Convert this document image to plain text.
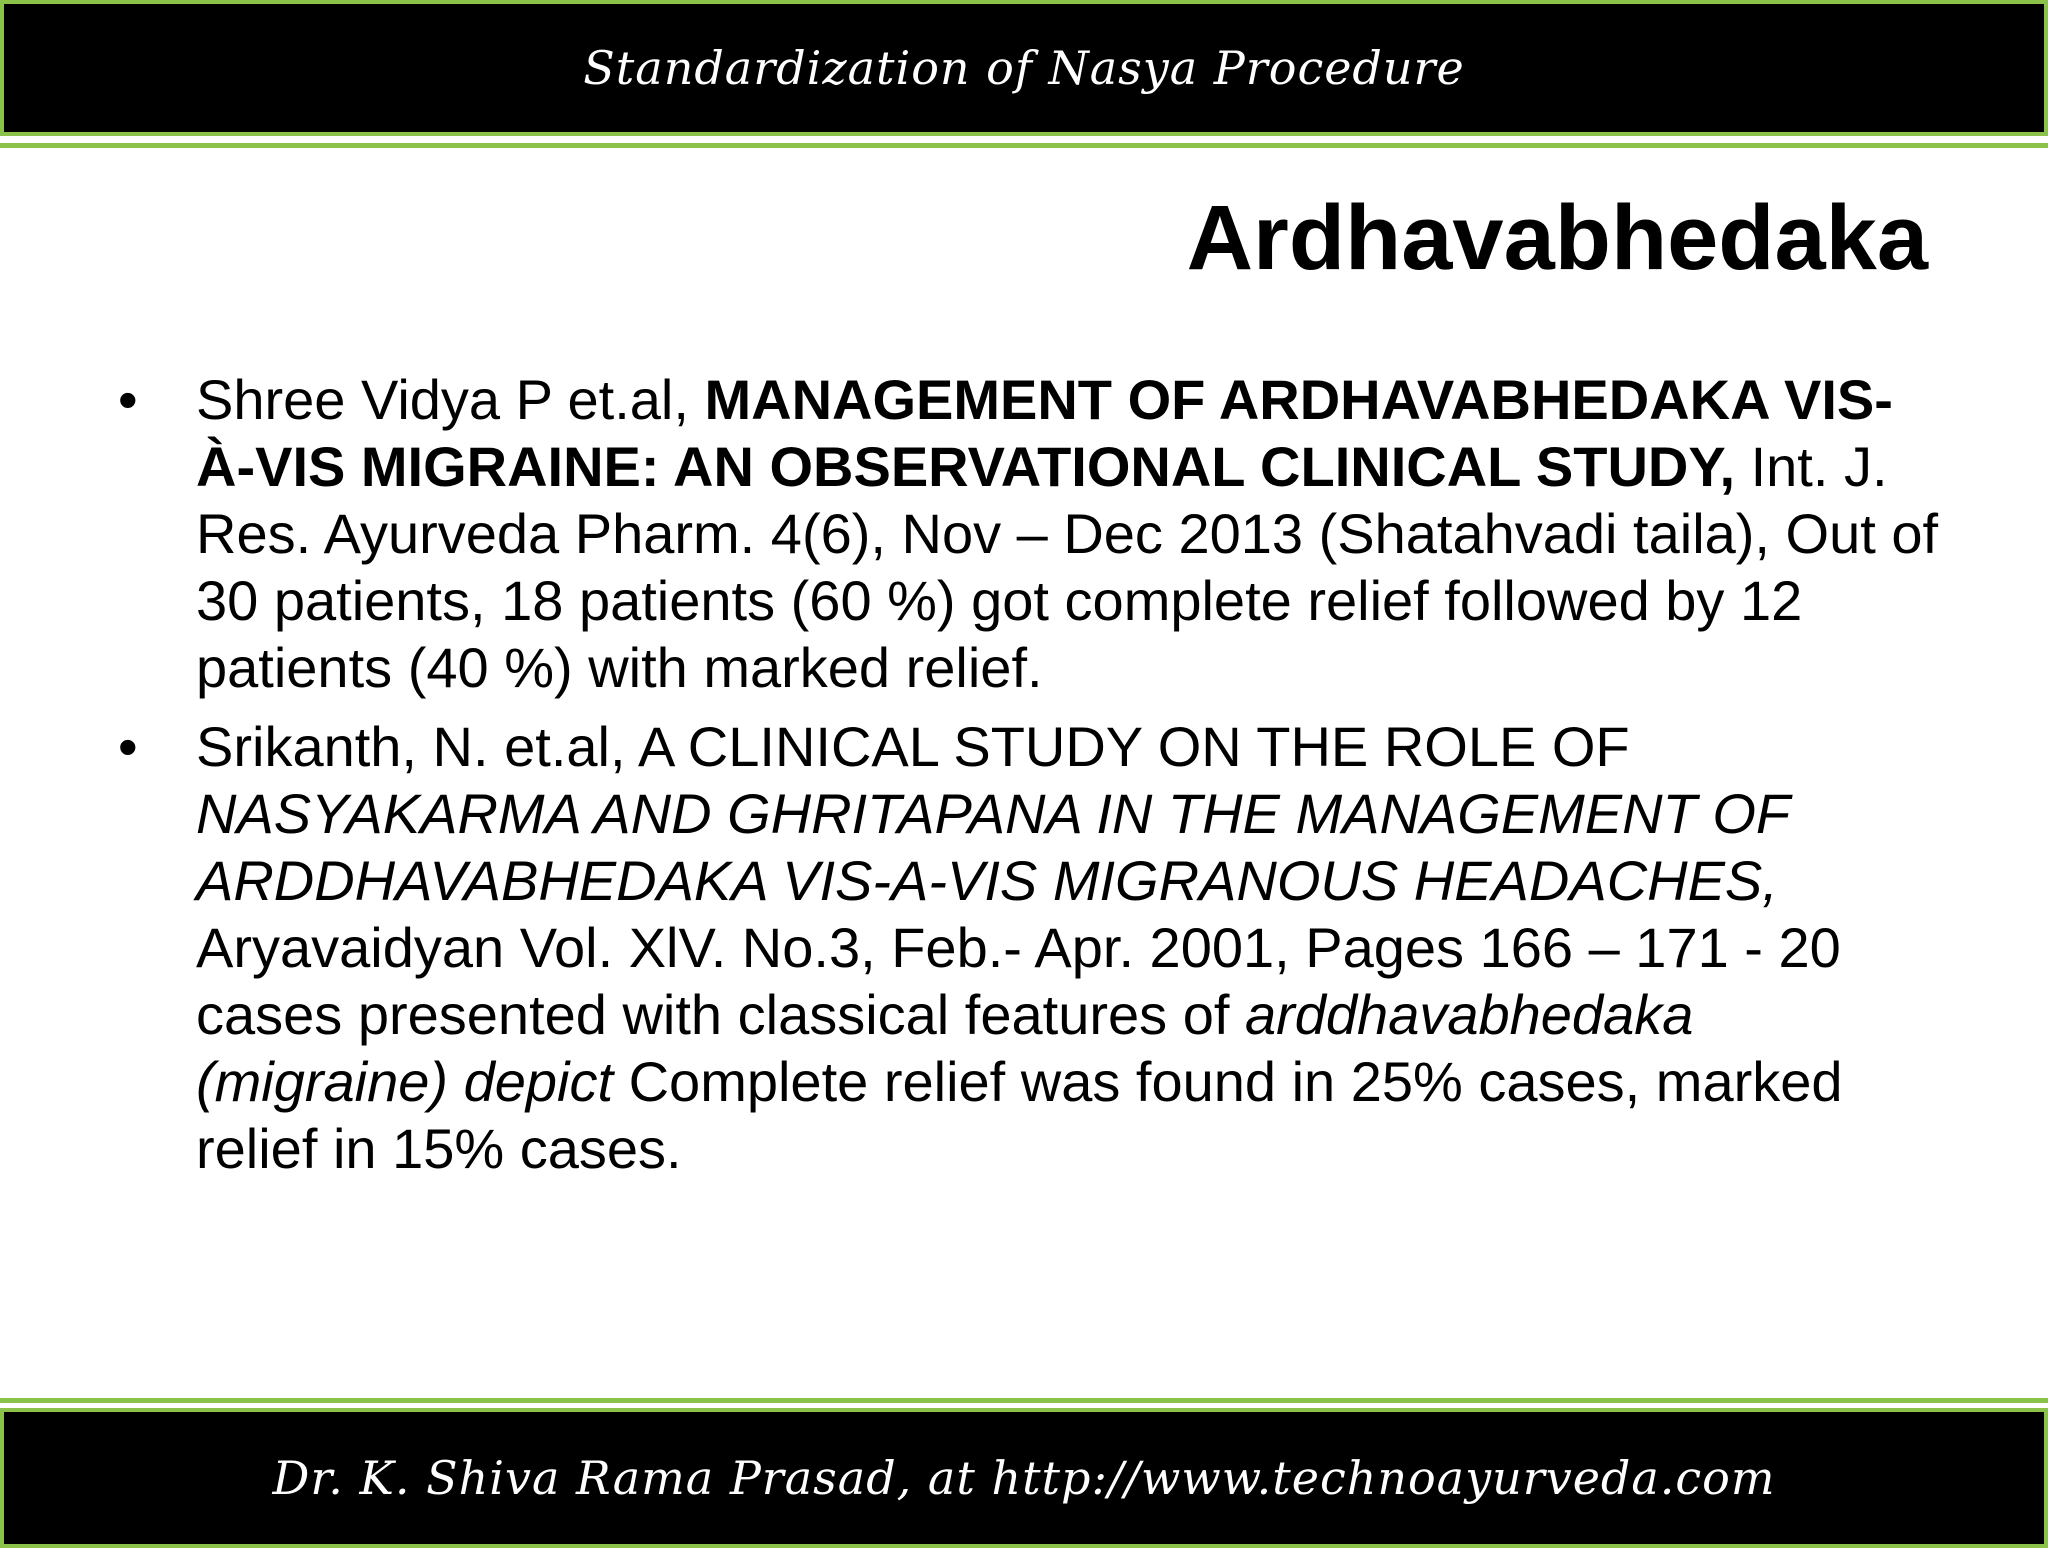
Standardization of Nasya Procedure
Ardhavabhedaka
• Shree Vidya P et.al, MANAGEMENT OF ARDHAVABHEDAKA VIS-À-VIS MIGRAINE: AN OBSERVATIONAL CLINICAL STUDY, Int. J. Res. Ayurveda Pharm. 4(6), Nov – Dec 2013 (Shatahvadi taila), Out of 30 patients, 18 patients (60 %) got complete relief followed by 12 patients (40 %) with marked relief.
• Srikanth, N. et.al, A CLINICAL STUDY ON THE ROLE OF NASYAKARMA AND GHRITAPANA IN THE MANAGEMENT OF ARDDHAVABHEDAKA VIS-A-VIS MIGRANOUS HEADACHES, Aryavaidyan Vol. XlV. No.3, Feb.- Apr. 2001, Pages 166 – 171 - 20 cases presented with classical features of arddhavabhedaka (migraine) depict Complete relief was found in 25% cases, marked relief in 15% cases.
Dr. K. Shiva Rama Prasad, at http://www.technoayurveda.com
